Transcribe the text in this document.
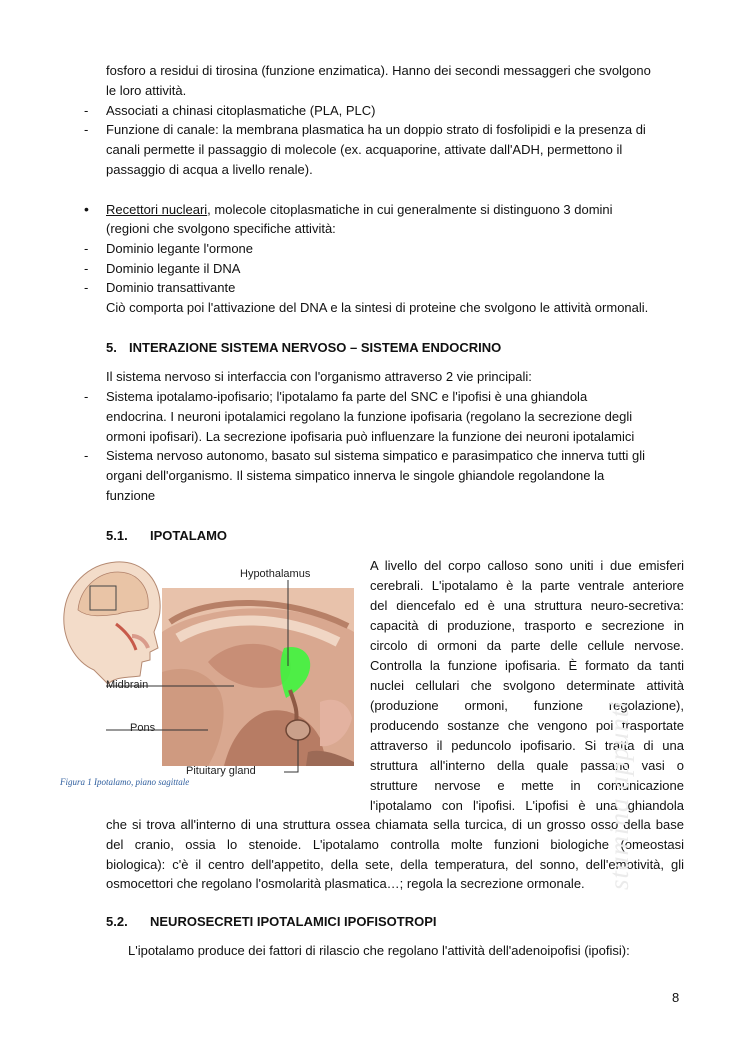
fosforo a residui di tirosina (funzione enzimatica). Hanno dei secondi messaggeri che svolgono
le loro attività.
- Associati a chinasi citoplasmatiche (PLA, PLC)
- Funzione di canale: la membrana plasmatica ha un doppio strato di fosfolipidi e la presenza di
canali permette il passaggio di molecole (ex. acquaporine, attivate dall'ADH, permettono il
passaggio di acqua a livello renale).
• Recettori nucleari, molecole citoplasmatiche in cui generalmente si distinguono 3 domini
(regioni che svolgono specifiche attività:
- Dominio legante l'ormone
- Dominio legante il DNA
- Dominio transattivante
Ciò comporta poi l'attivazione del DNA e la sintesi di proteine che svolgono le attività ormonali.
5. INTERAZIONE SISTEMA NERVOSO – SISTEMA ENDOCRINO
Il sistema nervoso si interfaccia con l'organismo attraverso 2 vie principali:
- Sistema ipotalamo-ipofisario; l'ipotalamo fa parte del SNC e l'ipofisi è una ghiandola
endocrina. I neuroni ipotalamici regolano la funzione ipofisaria (regolano la secrezione degli
ormoni ipofisari). La secrezione ipofisaria può influenzare la funzione dei neuroni ipotalamici
- Sistema nervoso autonomo, basato sul sistema simpatico e parasimpatico che innerva tutti gli
organi dell'organismo. Il sistema simpatico innerva le singole ghiandole regolandone la
funzione
5.1. IPOTALAMO
Hypothalamus
Midbrain
Pons
Pituitary gland
Figura 1 Ipotalamo, piano sagittale
A livello del corpo calloso sono uniti i due emisferi
cerebrali. L'ipotalamo è la parte ventrale anteriore
del diencefalo ed è una struttura neuro-secretiva:
capacità di produzione, trasporto e secrezione in
circolo di ormoni da parte delle cellule nervose.
Controlla la funzione ipofisaria. È formato da tanti
nuclei cellulari che svolgono determinate attività
(produzione ormoni, funzione regolazione),
producendo sostanze che vengono poi trasportate
attraverso il peduncolo ipofisario. Si tratta di una
struttura all'interno della quale passano vasi o
strutture nervose e mette in comunicazione
l'ipotalamo con l'ipofisi. L'ipofisi è una ghiandola
che si trova all'interno di una struttura ossea chiamata sella turcica, di un grosso osso della base
del cranio, ossia lo stenoide. L'ipotalamo controlla molte funzioni biologiche (omeostasi
biologica): c'è il centro dell'appetito, della sete, della temperatura, del sonno, dell'emotività, gli
osmocettori che regolano l'osmolarità plasmatica…; regola la secrezione ormonale.
5.2. NEUROSECRETI IPOTALAMICI IPOFISOTROPI
L'ipotalamo produce dei fattori di rilascio che regolano l'attività dell'adenoipofisi (ipofisi):
stamina appunti
8
